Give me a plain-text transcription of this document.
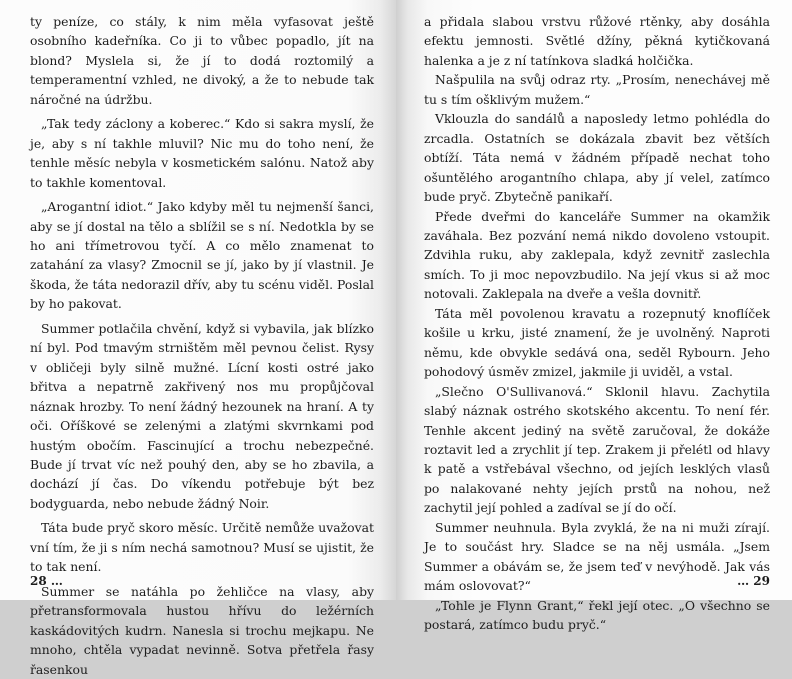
ty peníze, co stály, k nim měla vyfasovat ještě osobního kadeřníka. Co ji to vůbec popadlo, jít na blond? Myslela si, že jí to dodá roztomilý a temperamentní vzhled, ne divoký, a že to nebude tak náročné na údržbu.

„Tak tedy záclony a koberec.“ Kdo si sakra myslí, že je, aby s ní takhle mluvil? Nic mu do toho není, že tenhle měsíc nebyla v kosmetickém salónu. Natož aby to takhle komentoval.

„Arogantní idiot.“ Jako kdyby měl tu nejmenší šanci, aby se jí dostal na tělo a sblížil se s ní. Nedotkla by se ho ani třímetrovou tyčí. A co mělo znamenat to zatahání za vlasy? Zmocnil se jí, jako by jí vlastnil. Je škoda, že táta nedorazil dřív, aby tu scénu viděl. Poslal by ho pakovat.

Summer potlačila chvění, když si vybavila, jak blízko ní byl. Pod tmavým strništěm měl pevnou čelist. Rysy v obličeji byly silně mužné. Lícní kosti ostré jako břitva a nepatrně zakřivený nos mu propůjčoval náznak hrozby. To není žádný hezounek na hraní. A ty oči. Oříškové se zelenými a zlatými skvrnkami pod hustým obočím. Fascinující a trochu nebezpečné. Bude jí trvat víc než pouhý den, aby se ho zbavila, a dochází jí čas. Do víkendu potřebuje být bez bodyguarda, nebo nebude žádný Noir.

Táta bude pryč skoro měsíc. Určitě nemůže uvažovat vní tím, že ji s ním nechá samotnou? Musí se ujistit, že to tak není.

Summer se natáhla po žehličce na vlasy, aby přetransformovala hustou hřívu do ležérních kaskádovitých kudrn. Nanesla si trochu mejkapu. Ne mnoho, chtěla vypadat nevinně. Sotva přetřela řasy řasenkou

28 …

a přidala slabou vrstvu růžové rtěnky, aby dosáhla efektu jemnosti. Světlé džíny, pěkná kytičkovaná halenka a je z ní tatínkova sladká holčička.

Našpulila na svůj odraz rty. „Prosím, nenechávej mě tu s tím ošklivým mužem.“

Vklouzla do sandálů a naposledy letmo pohlédla do zrcadla. Ostatních se dokázala zbavit bez větších obtíží. Táta nemá v žádném případě nechat toho ošuntělého arogantního chlapa, aby jí velel, zatímco bude pryč. Zbytečně panikaří.

Přede dveřmi do kanceláře Summer na okamžik zaváhala. Bez pozvání nemá nikdo dovoleno vstoupit. Zdvihla ruku, aby zaklepala, když zevnitř zaslechla smích. To ji moc nepovzbudilo. Na její vkus si až moc notovali. Zaklepala na dveře a vešla dovnitř.

Táta měl povolenou kravatu a rozepnutý knoflíček košile u krku, jisté znamení, že je uvolněný. Naproti němu, kde obvykle sedává ona, seděl Rybourn. Jeho pohodový úsměv zmizel, jakmile ji uviděl, a vstal.

„Slečno O'Sullivanová.“ Sklonil hlavu. Zachytila slabý náznak ostrého skotského akcentu. To není fér. Tenhle akcent jediný na světě zaručoval, že dokáže roztavit led a zrychlit jí tep. Zrakem ji přelétl od hlavy k patě a vstřebával všechno, od jejích lesklých vlasů po nalakované nehty jejích prstů na nohou, než zachytil její pohled a zadíval se jí do očí.

Summer neuhnula. Byla zvyklá, že na ni muži zírají. Je to součást hry. Sladce se na něj usmála. „Jsem Summer a obávám se, že jsem teď v nevýhodě. Jak vás mám oslovovat?“

„Tohle je Flynn Grant,“ řekl její otec. „O všechno se postará, zatímco budu pryč.“

… 29
